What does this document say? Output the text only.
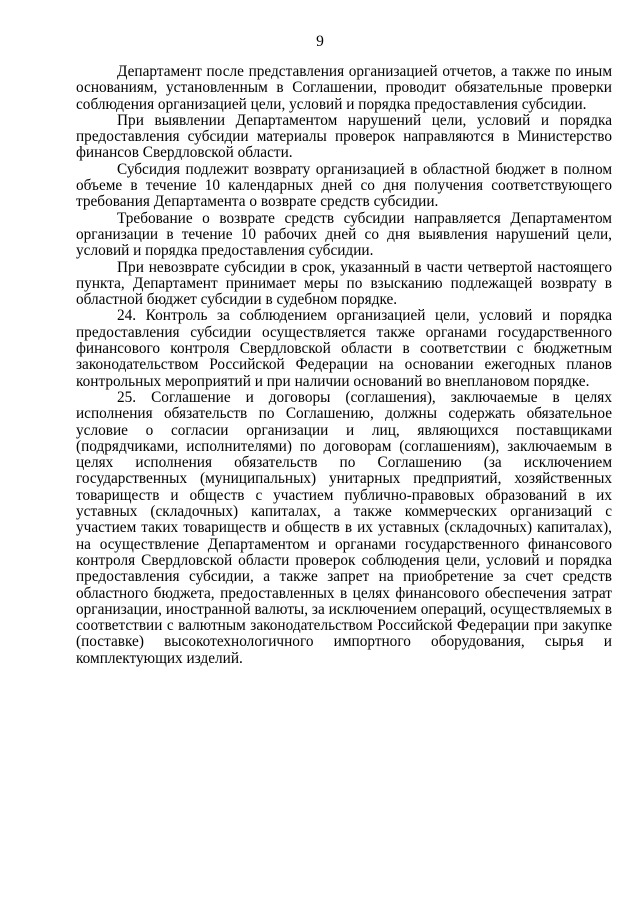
9

Департамент после представления организацией отчетов, а также по иным основаниям, установленным в Соглашении, проводит обязательные проверки соблюдения организацией цели, условий и порядка предоставления субсидии.

При выявлении Департаментом нарушений цели, условий и порядка предоставления субсидии материалы проверок направляются в Министерство финансов Свердловской области.

Субсидия подлежит возврату организацией в областной бюджет в полном объеме в течение 10 календарных дней со дня получения соответствующего требования Департамента о возврате средств субсидии.

Требование о возврате средств субсидии направляется Департаментом организации в течение 10 рабочих дней со дня выявления нарушений цели, условий и порядка предоставления субсидии.

При невозврате субсидии в срок, указанный в части четвертой настоящего пункта, Департамент принимает меры по взысканию подлежащей возврату в областной бюджет субсидии в судебном порядке.

24. Контроль за соблюдением организацией цели, условий и порядка предоставления субсидии осуществляется также органами государственного финансового контроля Свердловской области в соответствии с бюджетным законодательством Российской Федерации на основании ежегодных планов контрольных мероприятий и при наличии оснований во внеплановом порядке.

25. Соглашение и договоры (соглашения), заключаемые в целях исполнения обязательств по Соглашению, должны содержать обязательное условие о согласии организации и лиц, являющихся поставщиками (подрядчиками, исполнителями) по договорам (соглашениям), заключаемым в целях исполнения обязательств по Соглашению (за исключением государственных (муниципальных) унитарных предприятий, хозяйственных товариществ и обществ с участием публично-правовых образований в их уставных (складочных) капиталах, а также коммерческих организаций с участием таких товариществ и обществ в их уставных (складочных) капиталах), на осуществление Департаментом и органами государственного финансового контроля Свердловской области проверок соблюдения цели, условий и порядка предоставления субсидии, а также запрет на приобретение за счет средств областного бюджета, предоставленных в целях финансового обеспечения затрат организации, иностранной валюты, за исключением операций, осуществляемых в соответствии с валютным законодательством Российской Федерации при закупке (поставке) высокотехнологичного импортного оборудования, сырья и комплектующих изделий.
